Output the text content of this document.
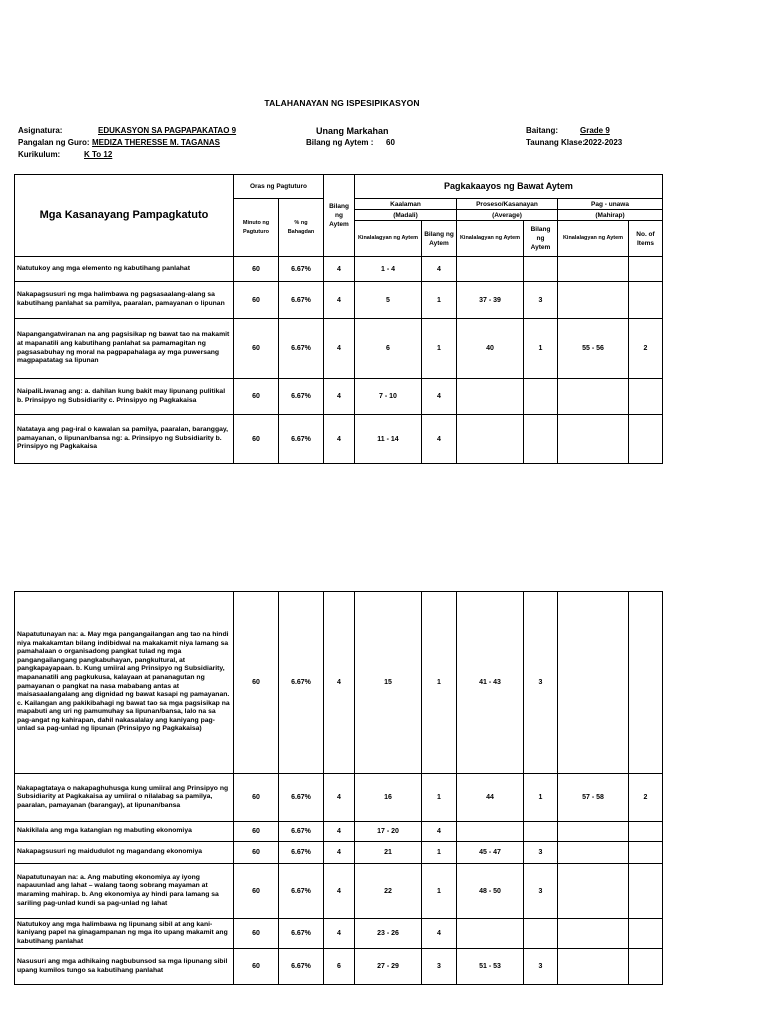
TALAHANAYAN NG ISPESIPIKASYON
Asignatura:	EDUKASYON SA PAGPAPAKATAO 9
Pangalan ng Guro: MEDIZA THERESSE M. TAGANAS
Kurikulum:	K To 12
Unang Markahan
Bilang ng Aytem : 60
Baitang:	Grade 9
Taunang Klase: 2022-2023
Mga Kasanayang Pampagkatuto	Oras ng Pagtuturo		Bilang ng Aytem	Pagkakaayos ng Bawat Aytem					
	Minuto ng Pagtuturo	% ng Bahagdan		Kaalaman		Proseso/Kasanayan		Pag - unawa	
				(Madali)		(Average)		(Mahirap)	
				Kinalalagyan ng Aytem	Bilang ng Aytem	Kinalalagyan ng Aytem	Bilang ng Aytem	Kinalalagyan ng Aytem	No. of Items
Natutukoy ang mga elemento ng kabutihang panlahat	60	6.67%	4	1 - 4	4				
Nakapagsusuri ng mga halimbawa ng pagsasaalang-alang sa kabutihang panlahat sa pamilya, paaralan, pamayanan o lipunan	60	6.67%	4	5	1	37 - 39	3		
Napangangatwiranan na ang pagsisikap ng bawat tao na makamit at mapanatili ang kabutihang panlahat sa pamamagitan ng pagsasabuhay ng moral na pagpapahalaga ay mga puwersang magpapatatag sa lipunan	60	6.67%	4	6	1	40	1	55 - 56	2
NaipaliLiwanag ang: a. dahilan kung bakit may lipunang pulitikal b. Prinsipyo ng Subsidiarity c. Prinsipyo ng Pagkakaisa	60	6.67%	4	7 - 10	4				
Natataya ang pag-iral o kawalan sa pamilya, paaralan, baranggay, pamayanan, o lipunan/bansa ng: a. Prinsipyo ng Subsidiarity b. Prinsipyo ng Pagkakaisa	60	6.67%	4	11 - 14	4				
Napatutunayan na: a. May mga pangangailangan ang tao na hindi niya makakamtan bilang indibidwal na makakamit niya lamang sa pamahalaan o organisadong pangkat tulad ng mga pangangailangang pangkabuhayan, pangkultural, at pangkapayapaan. b. Kung umiiral ang Prinsipyo ng Subsidiarity, mapananatili ang pagkukusa, kalayaan at pananagutan ng pamayanan o pangkat na nasa mababang antas at maisasaalangalang ang dignidad ng bawat kasapi ng pamayanan. c. Kailangan ang pakikibahagi ng bawat tao sa mga pagsisikap na mapabuti ang uri ng pamumuhay sa lipunan/bansa, lalo na sa pag-angat ng kahirapan, dahil nakasalalay ang kaniyang pag-unlad sa pag-unlad ng lipunan (Prinsipyo ng Pagkakaisa)	60	6.67%	4	15	1	41 - 43	3		
Nakapagtataya o nakapaghuhusga kung umiiral ang Prinsipyo ng Subsidiarity at Pagkakaisa ay umiiral o nilalabag sa pamilya, paaralan, pamayanan (barangay), at lipunan/bansa	60	6.67%	4	16	1	44	1	57 - 58	2
Nakikilala ang mga katangian ng mabuting ekonomiya	60	6.67%	4	17 - 20	4				
Nakapagsusuri ng maidudulot ng magandang ekonomiya	60	6.67%	4	21	1	45 - 47	3		
Napatutunayan na: a. Ang mabuting ekonomiya ay iyong napauunlad ang lahat – walang taong sobrang mayaman at maraming mahirap. b. Ang ekonomiya ay hindi para lamang sa sariling pag-unlad kundi sa pag-unlad ng lahat	60	6.67%	4	22	1	48 - 50	3		
Natutukoy ang mga halimbawa ng lipunang sibil at ang kani-kaniyang papel na ginagampanan ng mga ito upang makamit ang kabutihang panlahat	60	6.67%	4	23 - 26	4				
Nasusuri ang mga adhikaing nagbubunsod sa mga lipunang sibil upang kumilos tungo sa kabutihang panlahat	60	6.67%	6	27 - 29	3	51 - 53	3		
